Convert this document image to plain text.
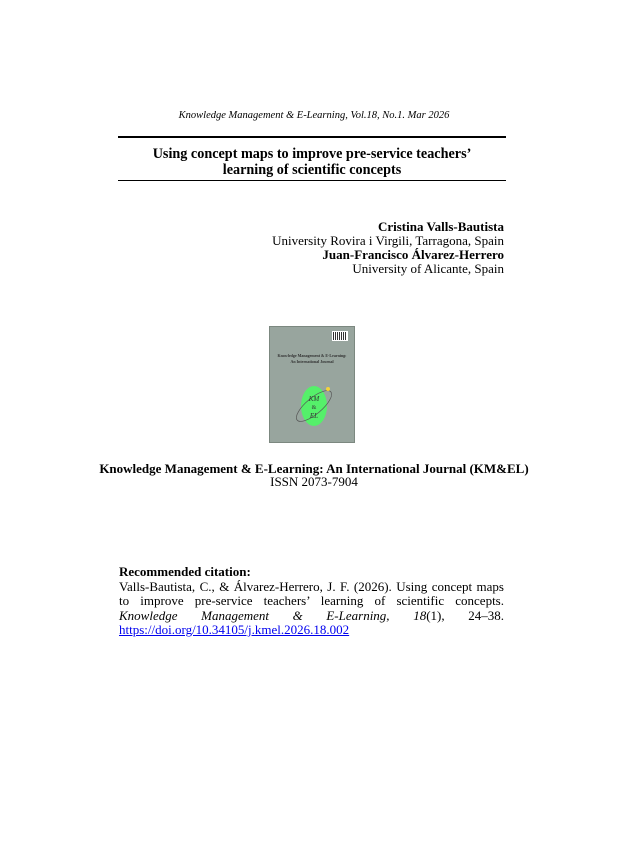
Knowledge Management & E-Learning, Vol.18, No.1. Mar 2026
Using concept maps to improve pre-service teachers’
learning of scientific concepts
Cristina Valls-Bautista
University Rovira i Virgili, Tarragona, Spain
Juan-Francisco Álvarez-Herrero
University of Alicante, Spain
Knowledge Management & E-Learning:
An International Journal
KM
&
EL
Knowledge Management & E-Learning: An International Journal (KM&EL)
ISSN 2073-7904
Recommended citation:
Valls-Bautista, C., & Álvarez-Herrero, J. F. (2026). Using concept maps
to improve pre-service teachers’ learning of scientific concepts.
Knowledge Management & E-Learning, 18(1), 24–38.
https://doi.org/10.34105/j.kmel.2026.18.002
